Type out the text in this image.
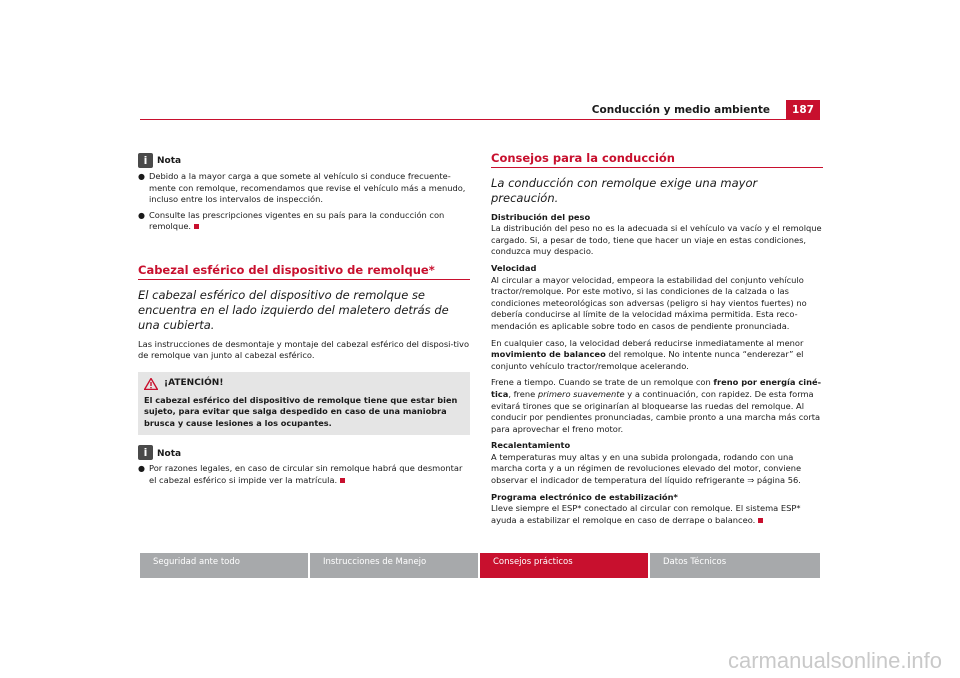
Conducción y medio ambiente	187
i	Nota
● Debido a la mayor carga a que somete al vehículo si conduce frecuente-mente con remolque, recomendamos que revise el vehículo más a menudo, incluso entre los intervalos de inspección.

● Consulte las prescripciones vigentes en su país para la conducción con remolque.

Cabezal esférico del dispositivo de remolque*
El cabezal esférico del dispositivo de remolque se encuentra en el lado izquierdo del maletero detrás de una cubierta.

Las instrucciones de desmontaje y montaje del cabezal esférico del disposi-tivo de remolque van junto al cabezal esférico.

¡ATENCIÓN!

El cabezal esférico del dispositivo de remolque tiene que estar bien sujeto, para evitar que salga despedido en caso de una maniobra brusca y cause lesiones a los ocupantes.

i	Nota
● Por razones legales, en caso de circular sin remolque habrá que desmontar el cabezal esférico si impide ver la matrícula.

Consejos para la conducción
La conducción con remolque exige una mayor precaución.

Distribución del peso

La distribución del peso no es la adecuada si el vehículo va vacío y el remolque cargado. Si, a pesar de todo, tiene que hacer un viaje en estas condiciones, conduzca muy despacio.

Velocidad

Al circular a mayor velocidad, empeora la estabilidad del conjunto vehículo tractor/remolque. Por este motivo, si las condiciones de la calzada o las condiciones meteorológicas son adversas (peligro si hay vientos fuertes) no debería conducirse al límite de la velocidad máxima permitida. Esta reco-mendación es aplicable sobre todo en casos de pendiente pronunciada.

En cualquier caso, la velocidad deberá reducirse inmediatamente al menor movimiento de balanceo del remolque. No intente nunca “enderezar” el conjunto vehículo tractor/remolque acelerando.

Frene a tiempo. Cuando se trate de un remolque con freno por energía ciné-tica, frene primero suavemente y a continuación, con rapidez. De esta forma evitará tirones que se originarían al bloquearse las ruedas del remolque. Al conducir por pendientes pronunciadas, cambie pronto a una marcha más corta para aprovechar el freno motor.

Recalentamiento

A temperaturas muy altas y en una subida prolongada, rodando con una marcha corta y a un régimen de revoluciones elevado del motor, conviene observar el indicador de temperatura del líquido refrigerante ⇒ página 56.

Programa electrónico de estabilización*

Lleve siempre el ESP* conectado al circular con remolque. El sistema ESP* ayuda a estabilizar el remolque en caso de derrape o balanceo.

Seguridad ante todo	Instrucciones de Manejo	Consejos prácticos	Datos Técnicos
carmanualsonline.info
